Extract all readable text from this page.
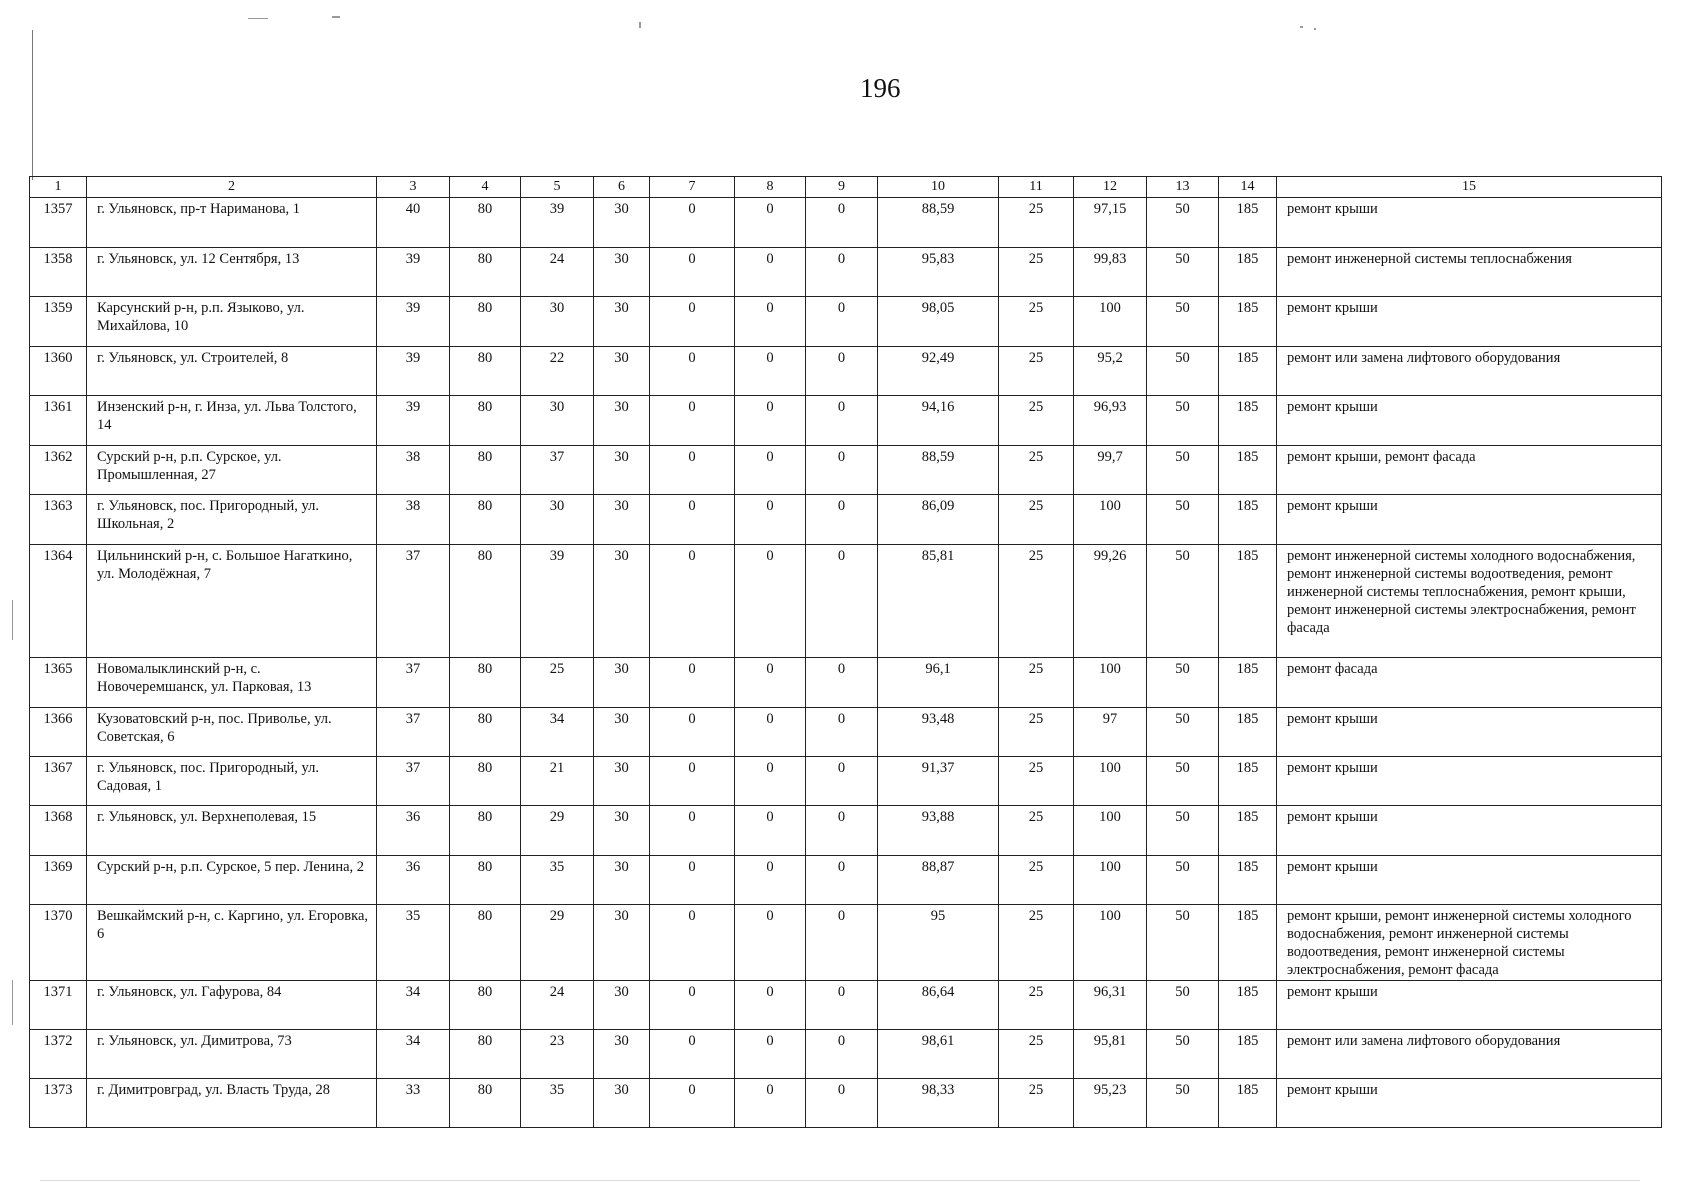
196
1	2	3	4	5	6	7	8	9	10	11	12	13	14	15
1357	г. Ульяновск, пр-т Нариманова, 1	40	80	39	30	0	0	0	88,59	25	97,15	50	185	ремонт крыши
1358	г. Ульяновск, ул. 12 Сентября, 13	39	80	24	30	0	0	0	95,83	25	99,83	50	185	ремонт инженерной системы теплоснабжения
1359	Карсунский р-н, р.п. Языково, ул. Михайлова, 10	39	80	30	30	0	0	0	98,05	25	100	50	185	ремонт крыши
1360	г. Ульяновск, ул. Строителей, 8	39	80	22	30	0	0	0	92,49	25	95,2	50	185	ремонт или замена лифтового оборудования
1361	Инзенский р-н, г. Инза, ул. Льва Толстого, 14	39	80	30	30	0	0	0	94,16	25	96,93	50	185	ремонт крыши
1362	Сурский р-н, р.п. Сурское, ул. Промышленная, 27	38	80	37	30	0	0	0	88,59	25	99,7	50	185	ремонт крыши, ремонт фасада
1363	г. Ульяновск, пос. Пригородный, ул. Школьная, 2	38	80	30	30	0	0	0	86,09	25	100	50	185	ремонт крыши
1364	Цильнинский р-н, с. Большое Нагаткино, ул. Молодёжная, 7	37	80	39	30	0	0	0	85,81	25	99,26	50	185	ремонт инженерной системы холодного водоснабжения, ремонт инженерной системы водоотведения, ремонт инженерной системы теплоснабжения, ремонт крыши, ремонт инженерной системы электроснабжения, ремонт фасада
1365	Новомалыклинский р-н, с. Новочеремшанск, ул. Парковая, 13	37	80	25	30	0	0	0	96,1	25	100	50	185	ремонт фасада
1366	Кузоватовский р-н, пос. Приволье, ул. Советская, 6	37	80	34	30	0	0	0	93,48	25	97	50	185	ремонт крыши
1367	г. Ульяновск, пос. Пригородный, ул. Садовая, 1	37	80	21	30	0	0	0	91,37	25	100	50	185	ремонт крыши
1368	г. Ульяновск, ул. Верхнеполевая, 15	36	80	29	30	0	0	0	93,88	25	100	50	185	ремонт крыши
1369	Сурский р-н, р.п. Сурское, 5 пер. Ленина, 2	36	80	35	30	0	0	0	88,87	25	100	50	185	ремонт крыши
1370	Вешкаймский р-н, с. Каргино, ул. Егоровка, 6	35	80	29	30	0	0	0	95	25	100	50	185	ремонт крыши, ремонт инженерной системы холодного водоснабжения, ремонт инженерной системы водоотведения, ремонт инженерной системы электроснабжения, ремонт фасада
1371	г. Ульяновск, ул. Гафурова, 84	34	80	24	30	0	0	0	86,64	25	96,31	50	185	ремонт крыши
1372	г. Ульяновск, ул. Димитрова, 73	34	80	23	30	0	0	0	98,61	25	95,81	50	185	ремонт или замена лифтового оборудования
1373	г. Димитровград, ул. Власть Труда, 28	33	80	35	30	0	0	0	98,33	25	95,23	50	185	ремонт крыши
